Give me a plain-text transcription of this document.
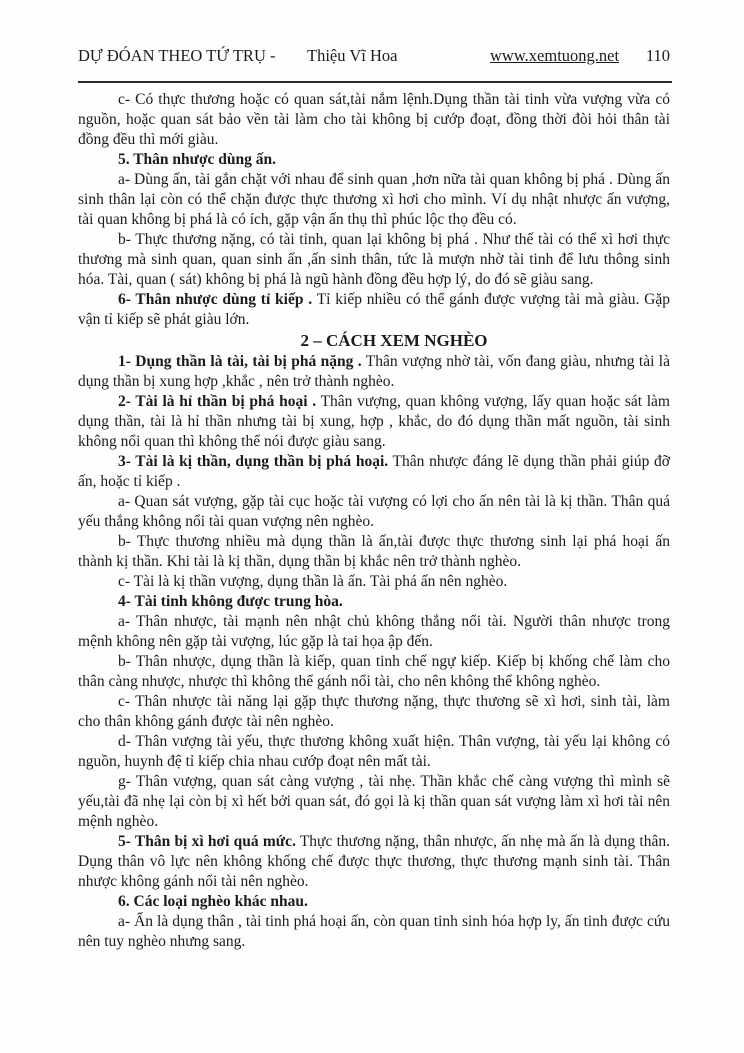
DỰ ĐÓAN THEO TỨ TRỤ - Thiệu Vĩ Hoa	www.xemtuong.net 110

c- Có thực thương hoặc có quan sát,tài nắm lệnh.Dụng thần tài tinh vừa vượng vừa có nguồn, hoặc quan sát bảo vền tài làm cho tài không bị cướp đoạt, đồng thời đòi hỏi thân tài đồng đều thì mới giàu.

5. Thân nhược dùng ấn.

a- Dùng ấn, tài gắn chặt với nhau để sinh quan ,hơn nữa tài quan không bị phá . Dùng ấn sinh thân lại còn có thể chặn được thực thương xì hơi cho mình. Ví dụ nhật nhược ấn vượng, tài quan không bị phá là có ích, gặp vận ấn thụ thì phúc lộc thọ đều có.

b- Thực thương nặng, có tài tinh, quan lại không bị phá . Như thế tài có thể xì hơi thực thương mà sinh quan, quan sinh ấn ,ấn sinh thân, tức là mượn nhờ tài tinh để lưu thông sinh hóa. Tài, quan ( sát) không bị phá là ngũ hành đồng đều hợp lý, do đó sẽ giàu sang.

6- Thân nhược dùng tỉ kiếp . Tỉ kiếp nhiều có thể gánh được vượng tài mà giàu. Gặp vận tỉ kiếp sẽ phát giàu lớn.

2 – CÁCH XEM NGHÈO

1- Dụng thần là tài, tài bị phá nặng . Thân vượng nhờ tài, vốn đang giàu, nhưng tài là dụng thần bị xung hợp ,khắc , nên trở thành nghèo.

2- Tài là hỉ thần bị phá hoại . Thân vượng, quan không vượng, lấy quan hoặc sát làm dụng thần, tài là hỉ thần nhưng tài bị xung, hợp , khắc, do đó dụng thần mất nguồn, tài sinh không nổi quan thì không thể nói được giàu sang.

3- Tài là kị thần, dụng thần bị phá hoại. Thân nhược đáng lẽ dụng thần phải giúp đỡ ấn, hoặc tỉ kiếp .

a- Quan sát vượng, gặp tài cục hoặc tài vượng có lợi cho ấn nên tài là kị thần. Thân quá yếu thắng không nổi tài quan vượng nên nghèo.

b- Thực thương nhiều mà dụng thần là ấn,tài được thực thương sinh lại phá hoại ấn thành kị thần. Khi tài là kị thần, dụng thần bị khắc nên trở thành nghèo.

c- Tài là kị thần vượng, dụng thần là ấn. Tài phá ấn nên nghèo.

4- Tài tinh không được trung hòa.

a- Thân nhược, tài mạnh nên nhật chủ không thắng nổi tài. Người thân nhược trong mệnh không nên gặp tài vượng, lúc gặp là tai họa ập đến.

b- Thân nhược, dụng thần là kiếp, quan tinh chế ngự kiếp. Kiếp bị khống chế làm cho thân càng nhược, nhược thì không thể gánh nổi tài, cho nên không thể không nghèo.

c- Thân nhược tài năng lại gặp thực thương nặng, thực thương sẽ xì hơi, sinh tài, làm cho thân không gánh được tài nên nghèo.

d- Thân vượng tài yếu, thực thương không xuất hiện. Thân vượng, tài yếu lại không có nguồn, huynh đệ tỉ kiếp chia nhau cướp đoạt nên mất tài.

g- Thân vượng, quan sát càng vượng , tài nhẹ. Thần khắc chế càng vượng thì mình sẽ yếu,tài đã nhẹ lại còn bị xì hết bởi quan sát, đó gọi là kị thần quan sát vượng làm xì hơi tài nên mệnh nghèo.

5- Thân bị xì hơi quá mức. Thực thương nặng, thân nhược, ấn nhẹ mà ấn là dụng thân. Dụng thân vô lực nên không khống chế được thực thương, thực thương mạnh sinh tài. Thân nhược không gánh nổi tài nên nghèo.

6. Các loại nghèo khác nhau.

a- Ấn là dụng thân , tài tinh phá hoại ấn, còn quan tinh sinh hóa hợp ly, ấn tinh được cứu nên tuy nghèo nhưng sang.
